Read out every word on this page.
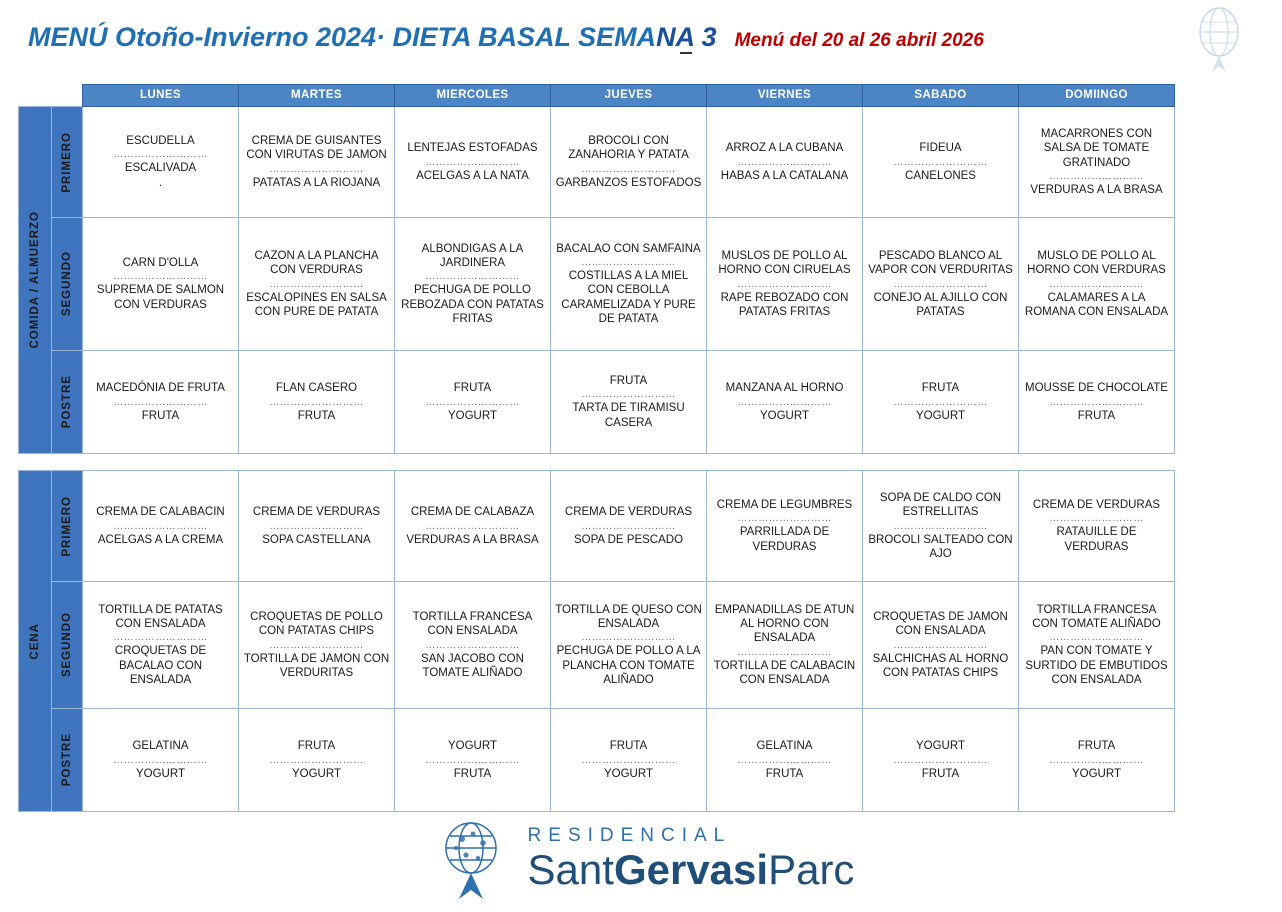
MENÚ Otoño-Invierno 2024· DIETA BASAL SEMA NA 3 Menú del 20 al 26 abril 2026
		LUNES	MARTES	MIERCOLES	JUEVES	VIERNES	SABADO	DOMIINGO

COMIDA / ALMUERZO	PRIMERO	ESCUDELLA
………………………
ESCALIVADA
.	CREMA DE GUISANTES CON VIRUTAS DE JAMON
………………………
PATATAS A LA RIOJANA	LENTEJAS ESTOFADAS
………………………
ACELGAS A LA NATA	BROCOLI CON ZANAHORIA Y PATATA
………………………
GARBANZOS ESTOFADOS	ARROZ A LA CUBANA
………………………
HABAS A LA CATALANA	FIDEUA
………………………
CANELONES	MACARRONES CON SALSA DE TOMATE GRATINADO
………………………
VERDURAS A LA BRASA

	SEGUNDO	CARN D'OLLA
………………………
SUPREMA DE SALMON CON VERDURAS	CAZON A LA PLANCHA CON VERDURAS
………………………
ESCALOPINES EN SALSA CON PURE DE PATATA	ALBONDIGAS A LA JARDINERA
………………………
PECHUGA DE POLLO REBOZADA CON PATATAS FRITAS	BACALAO CON SAMFAINA
………………………
COSTILLAS A LA MIEL CON CEBOLLA CARAMELIZADA Y PURE DE PATATA	MUSLOS DE POLLO AL HORNO CON CIRUELAS
………………………
RAPE REBOZADO CON PATATAS FRITAS	PESCADO BLANCO AL VAPOR CON VERDURITAS
………………………
CONEJO AL AJILLO CON PATATAS	MUSLO DE POLLO AL HORNO CON VERDURAS
………………………
CALAMARES A LA ROMANA CON ENSALADA

	POSTRE	MACEDÓNIA DE FRUTA
………………………
FRUTA	FLAN CASERO
………………………
FRUTA	FRUTA
………………………
YOGURT	FRUTA
………………………
TARTA DE TIRAMISU CASERA	MANZANA AL HORNO
………………………
YOGURT	FRUTA
………………………
YOGURT	MOUSSE DE CHOCOLATE
………………………
FRUTA
CENA	PRIMERO	CREMA DE CALABACIN
………………………
ACELGAS A LA CREMA	CREMA DE VERDURAS
………………………
SOPA CASTELLANA	CREMA DE CALABAZA
………………………
VERDURAS A LA BRASA	CREMA DE VERDURAS
………………………
SOPA DE PESCADO	CREMA DE LEGUMBRES
………………………
PARRILLADA DE VERDURAS	SOPA DE CALDO CON ESTRELLITAS
………………………
BROCOLI SALTEADO CON AJO	CREMA DE VERDURAS
………………………
RATAUILLE DE VERDURAS

	SEGUNDO	TORTILLA DE PATATAS CON ENSALADA
………………………
CROQUETAS DE BACALAO CON ENSALADA	CROQUETAS DE POLLO CON PATATAS CHIPS
………………………
TORTILLA DE JAMON CON VERDURITAS	TORTILLA FRANCESA CON ENSALADA
………………………
SAN JACOBO CON TOMATE ALIÑADO	TORTILLA DE QUESO CON ENSALADA
………………………
PECHUGA DE POLLO A LA PLANCHA CON TOMATE ALIÑADO	EMPANADILLAS DE ATUN AL HORNO CON ENSALADA
………………………
TORTILLA DE CALABACIN CON ENSALADA	CROQUETAS DE JAMON CON ENSALADA
………………………
SALCHICHAS AL HORNO CON PATATAS CHIPS	TORTILLA FRANCESA CON TOMATE ALIÑADO
………………………
PAN CON TOMATE Y SURTIDO DE EMBUTIDOS CON ENSALADA

	POSTRE	GELATINA
………………………
YOGURT	FRUTA
………………………
YOGURT	YOGURT
………………………
FRUTA	FRUTA
………………………
YOGURT	GELATINA
………………………
FRUTA	YOGURT
………………………
FRUTA	FRUTA
………………………
YOGURT
RESIDENCIAL
SantGervasiParc
